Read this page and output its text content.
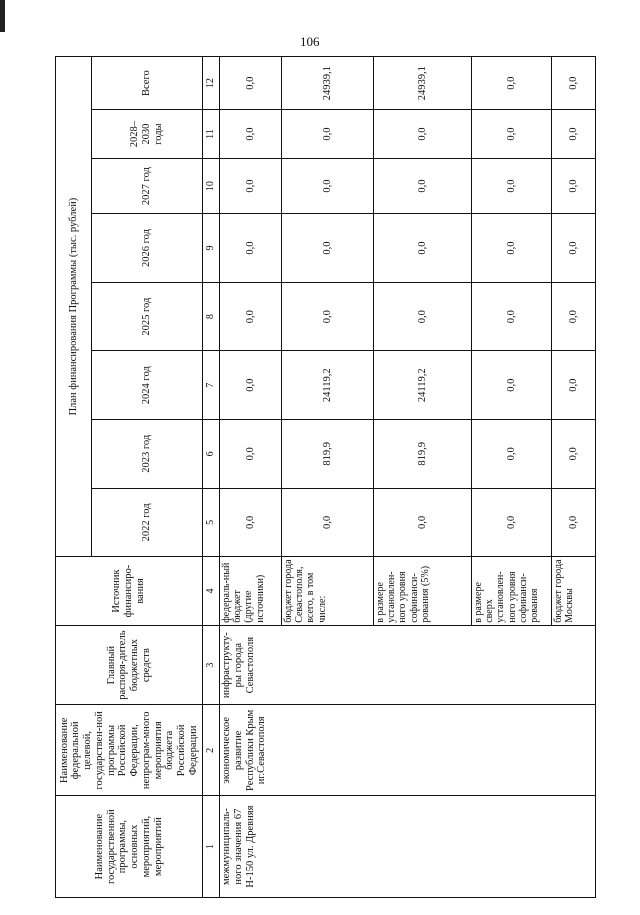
106
Наименование государственной программы, основных мероприятий, мероприятий	Наименование федеральной целевой, государствен-ной программы Российской Федерации, непрограм-много мероприятия бюджета Российской Федерации	Главный распоря-дитель бюджетных средств	Источник финансиро-вания	План финансирования Программы (тыс. рублей)							
				2022 год	2023 год	2024 год	2025 год	2026 год	2027 год	2028–2030 годы	Всего
1	2	3	4	5	6	7	8	9	10	11	12
межмуниципаль-ного значения 67 Н-150 ул. Древняя	экономическое развитие Республики Крым иг.Севастополя	инфраструкту-ры города Севастополя	федераль-ный бюджет (другие источники)	0,0	0,0	0,0	0,0	0,0	0,0	0,0	0,0
			бюджет города Севастополя, всего, в том числе:	0,0	819,9	24119,2	0,0	0,0	0,0	0,0	24939,1
			в размере установлен-ного уровня софинанси-рования (5%)	0,0	819,9	24119,2	0,0	0,0	0,0	0,0	24939,1
			в размере сверх установлен-ного уровня софинанси-рования	0,0	0,0	0,0	0,0	0,0	0,0	0,0	0,0
			бюджет города Москвы	0,0	0,0	0,0	0,0	0,0	0,0	0,0	0,0
